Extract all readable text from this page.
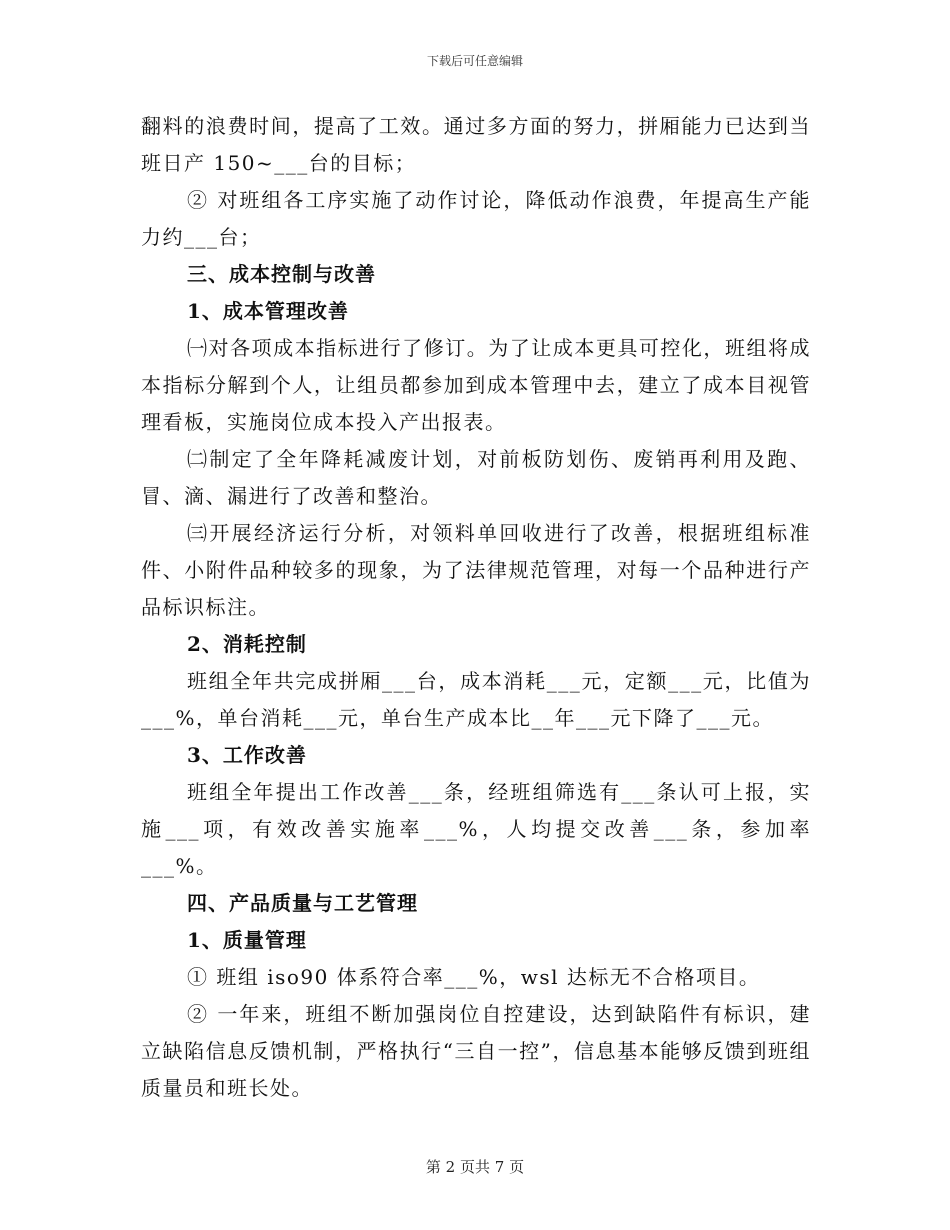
下载后可任意编辑

翻料的浪费时间，提高了工效。通过多方面的努力，拼厢能力已达到当班日产 150~___台的目标；

② 对班组各工序实施了动作讨论，降低动作浪费，年提高生产能力约___台；

三、成本控制与改善

1、成本管理改善

㈠对各项成本指标进行了修订。为了让成本更具可控化，班组将成本指标分解到个人，让组员都参加到成本管理中去，建立了成本目视管理看板，实施岗位成本投入产出报表。

㈡制定了全年降耗减废计划，对前板防划伤、废销再利用及跑、冒、滴、漏进行了改善和整治。

㈢开展经济运行分析，对领料单回收进行了改善，根据班组标准件、小附件品种较多的现象，为了法律规范管理，对每一个品种进行产品标识标注。

2、消耗控制

班组全年共完成拼厢___台，成本消耗___元，定额___元，比值为___%，单台消耗___元，单台生产成本比__年___元下降了___元。

3、工作改善

班组全年提出工作改善___条，经班组筛选有___条认可上报，实施___项，有效改善实施率___%，人均提交改善___条，参加率___%。

四、产品质量与工艺管理

1、质量管理

① 班组 iso90 体系符合率___%，wsl 达标无不合格项目。

② 一年来，班组不断加强岗位自控建设，达到缺陷件有标识，建立缺陷信息反馈机制，严格执行“三自一控”，信息基本能够反馈到班组质量员和班长处。

第 2 页共 7 页
